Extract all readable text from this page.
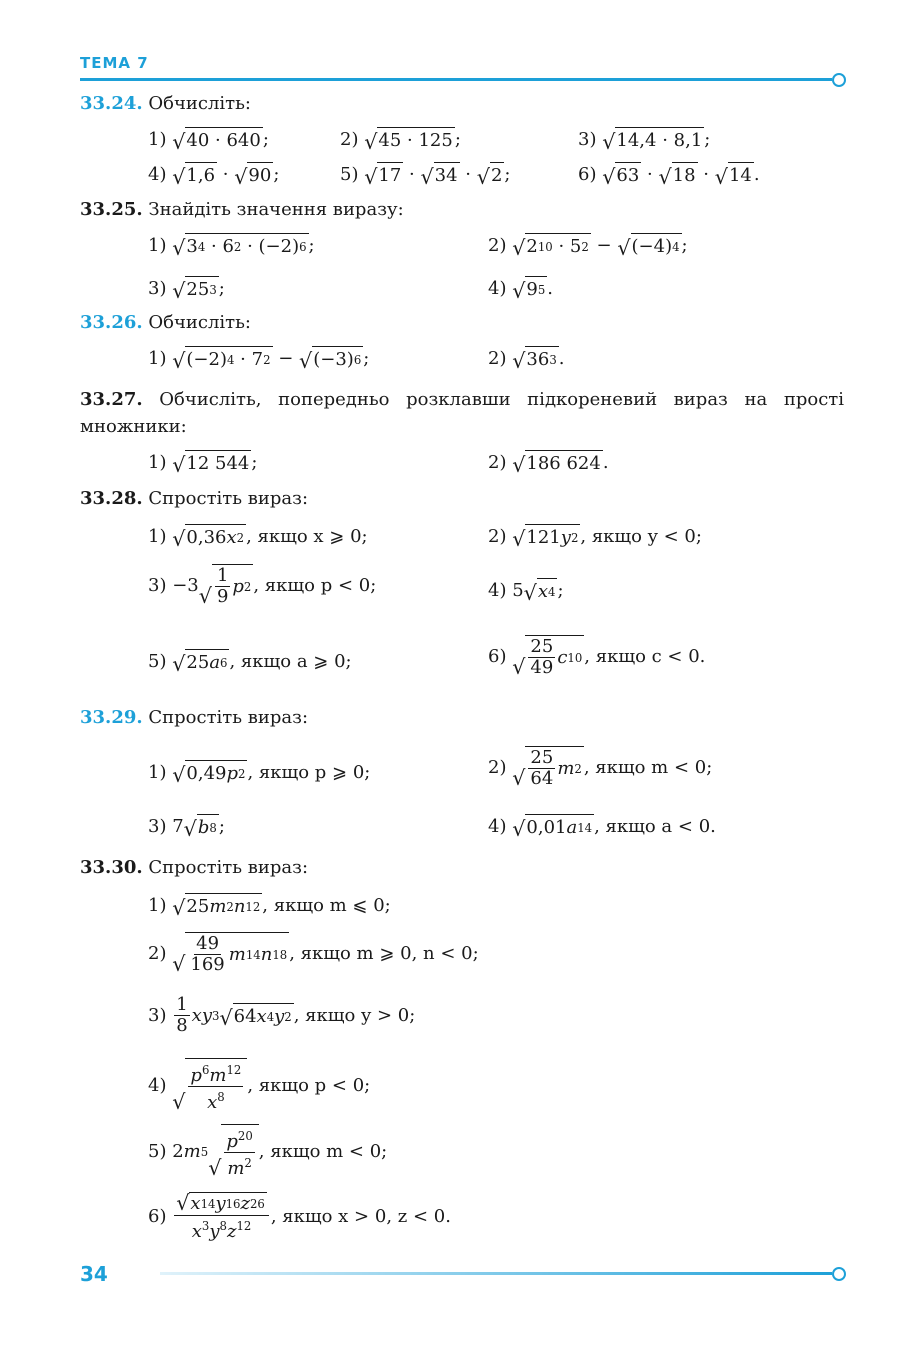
ТЕМА 7
33.24. Обчисліть:
1)
√ 40 · 640 ;	2)
√ 45 · 125 ;	3)
√ 14,4 · 8,1 ;
4)
√ 1,6 · √ 90 ;	5)
√ 17 · √ 34 · √ 2 ;	6)
√ 63 · √ 18 · √ 14 .
33.25. Знайдіть значення виразу:
1)
√ 3 4 · 6 2 · (−2) 6 ;	2)
√ 2 10 · 5 2 − √ (−4) 4 ;
3)
√ 25 3 ;	4)
√ 9 5 .
33.26. Обчисліть:
1)
√ (−2) 4 · 7 2 − √ (−3) 6 ;	2)
√ 36 3 .
33.27. Обчисліть, попередньо розклавши підкореневий вираз на прості множники:
1)
√ 12 544 ;	2)
√ 186 624 .
33.28. Спростіть вираз:
1)
√ 0,36 x 2 , якщо x ⩾ 0;	2)
√ 121 y 2 , якщо y < 0;
3) −3 √ $\frac{1}{9}$ p 2 , якщо p < 0;	4) 5 √ x 4 ;
5)
√ 25 a 6 , якщо a ⩾ 0;	6)
√ $\frac{25}{49}$ c 10 , якщо c < 0.
33.29. Спростіть вираз:
1)
√ 0,49 p 2 , якщо p ⩾ 0;	2)
√ $\frac{25}{64}$ m 2 , якщо m < 0;
3) 7 √ b 8 ;	4)
√ 0,01 a 14 , якщо a < 0.
33.30. Спростіть вираз:
1)
√ 25 m 2 n 12 , якщо m ⩽ 0;
2)
√ $\frac{49}{169}$ m 14 n 18 , якщо m ⩾ 0, n < 0;
3)
$\frac{1}{8}$ xy 3 √ 64 x 4 y 2 , якщо y > 0;
4)

√ $\frac{p^6m^{12}}{x^8}$ , якщо p < 0;
5) 2 m 5
√ $\frac{p^{20}}{m^2}$ , якщо m < 0;
6)
$\frac{√ x 14 y 16 z 26}{x^3y^8z^{12}}$ , якщо x > 0, z < 0.
34
